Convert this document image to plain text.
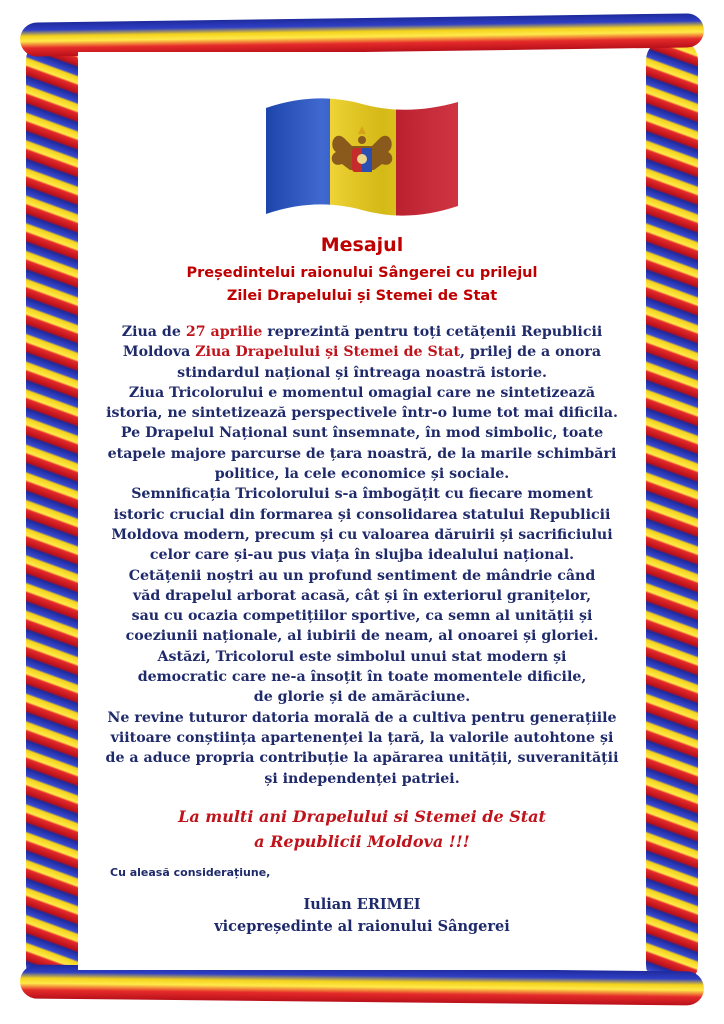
Mesajul
Președintelui raionului Sângerei cu prilejul
Zilei Drapelului și Stemei de Stat
Ziua de 27 aprilie reprezintă pentru toți cetățenii Republicii
Moldova Ziua Drapelului și Stemei de Stat, prilej de a onora
stindardul național și întreaga noastră istorie.
Ziua Tricolorului e momentul omagial care ne sintetizează
istoria, ne sintetizează perspectivele într-o lume tot mai dificila.
Pe Drapelul Național sunt însemnate, în mod simbolic, toate
etapele majore parcurse de țara noastră, de la marile schimbări
politice, la cele economice și sociale.
Semnificația Tricolorului s-a îmbogățit cu fiecare moment
istoric crucial din formarea și consolidarea statului Republicii
Moldova modern, precum și cu valoarea dăruirii și sacrificiului
celor care și-au pus viața în slujba idealului național.
Cetățenii noștri au un profund sentiment de mândrie când
văd drapelul arborat acasă, cât și în exteriorul granițelor,
sau cu ocazia competițiilor sportive, ca semn al unității și
coeziunii naționale, al iubirii de neam, al onoarei și gloriei.
Astăzi, Tricolorul este simbolul unui stat modern și
democratic care ne-a însoțit în toate momentele dificile,
de glorie și de amărăciune.
Ne revine tuturor datoria morală de a cultiva pentru generațiile
viitoare conștiința apartenenței la țară, la valorile autohtone și
de a aduce propria contribuție la apărarea unității, suveranității
și independenței patriei.
La multi ani Drapelului si Stemei de Stat
a Republicii Moldova !!!
Cu aleasă considerațiune,
Iulian ERIMEI
vicepreședinte al raionului Sângerei
